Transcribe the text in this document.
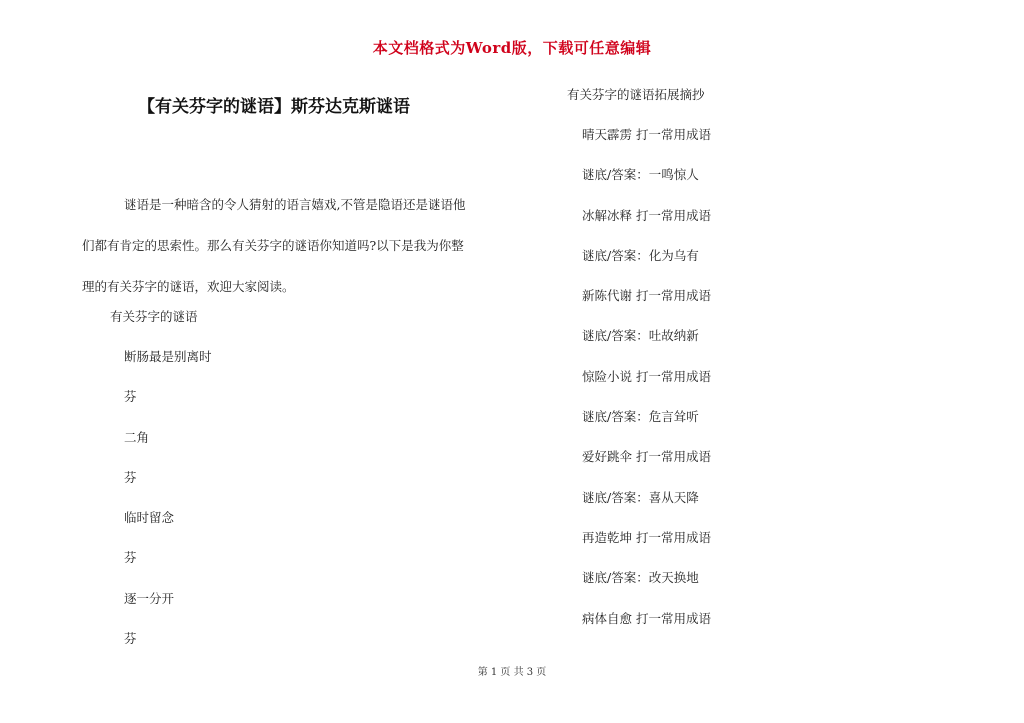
本文档格式为Word版，下载可任意编辑
【有关芬字的谜语】斯芬达克斯谜语

谜语是一种暗含的令人猜射的语言嬉戏,不管是隐语还是谜语他
们都有肯定的思索性。那么有关芬字的谜语你知道吗?以下是我为你整
理的有关芬字的谜语，欢迎大家阅读。

有关芬字的谜语
断肠最是别离时
芬
二角
芬
临时留念
芬
逐一分开
芬
有关芬字的谜语拓展摘抄
晴天霹雳 打一常用成语
谜底/答案：一鸣惊人
冰解冰释 打一常用成语
谜底/答案：化为乌有
新陈代谢 打一常用成语
谜底/答案：吐故纳新
惊险小说 打一常用成语
谜底/答案：危言耸听
爱好跳伞 打一常用成语
谜底/答案：喜从天降
再造乾坤 打一常用成语
谜底/答案：改天换地
病体自愈 打一常用成语
第 1 页 共 3 页
